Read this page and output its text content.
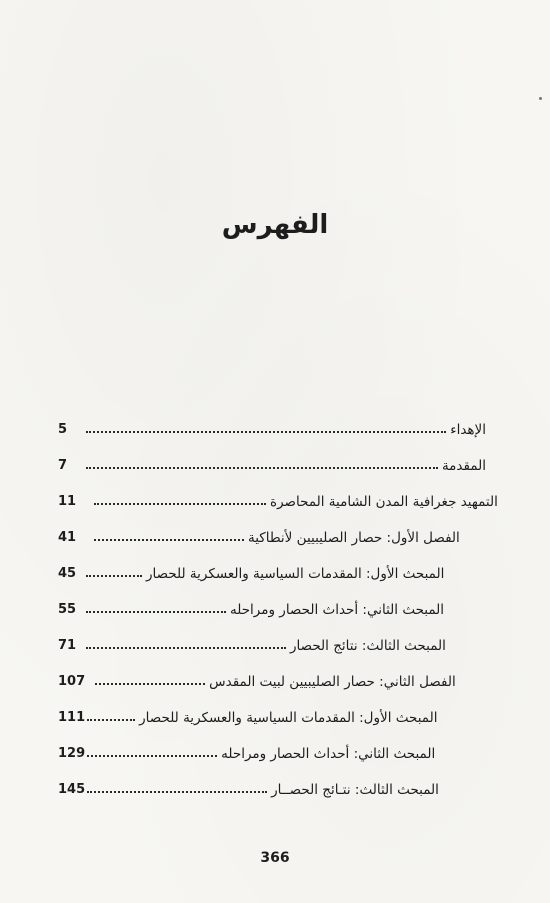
الفهرس
5	الإهداء
7	المقدمة
11	التمهيد جغرافية المدن الشامية المحاصرة
41	الفصل الأول: حصار الصليبيين لأنطاكية
45	المبحث الأول: المقدمات السياسية والعسكرية للحصار
55	المبحث الثاني: أحداث الحصار ومراحله
71	المبحث الثالث: نتائج الحصار
107	الفصل الثاني: حصار الصليبيين لبيت المقدس
111	المبحث الأول: المقدمات السياسية والعسكرية للحصار
129	المبحث الثاني: أحداث الحصار ومراحله
145	المبحث الثالث: نتـائج الحصــار
366
